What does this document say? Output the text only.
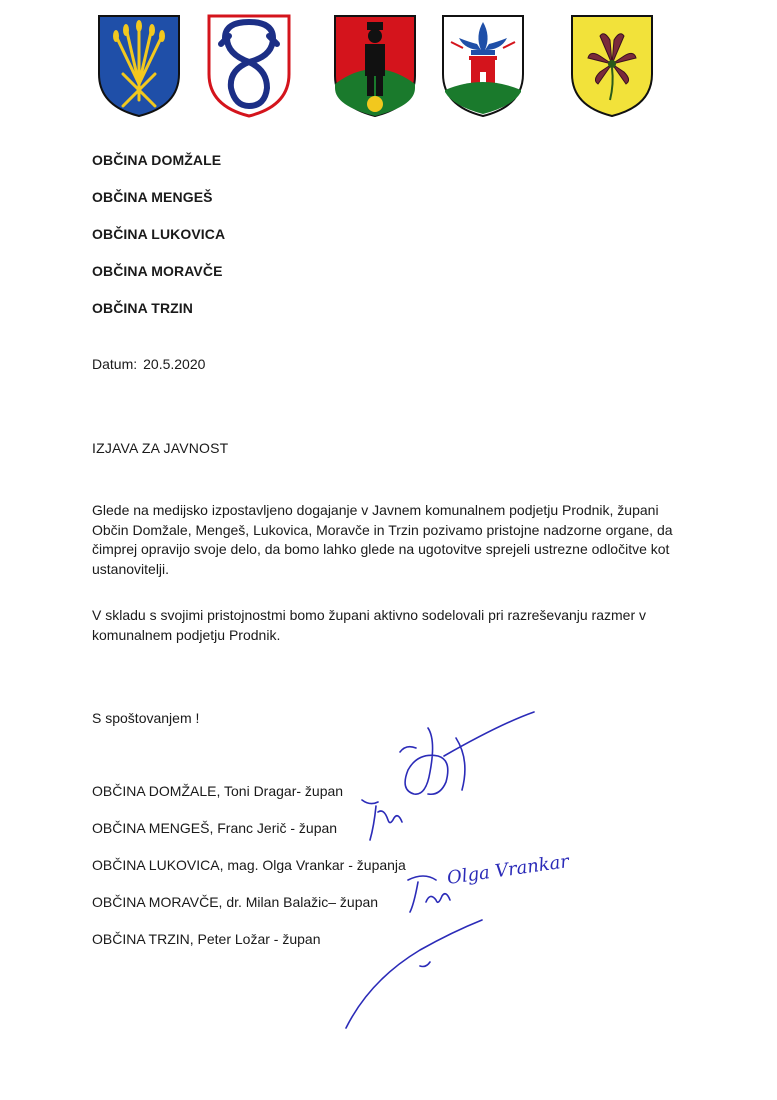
OBČINA DOMŽALE
OBČINA MENGEŠ
OBČINA LUKOVICA
OBČINA MORAVČE
OBČINA TRZIN
Datum: 20.5.2020
IZJAVA ZA JAVNOST
Glede na medijsko izpostavljeno dogajanje v Javnem komunalnem podjetju Prodnik, župani Občin Domžale, Mengeš, Lukovica, Moravče in Trzin pozivamo pristojne nadzorne organe, da čimprej opravijo svoje delo, da bomo lahko glede na ugotovitve sprejeli ustrezne odločitve kot ustanovitelji.
V skladu s svojimi pristojnostmi bomo župani aktivno sodelovali pri razreševanju razmer v komunalnem podjetju Prodnik.
S spoštovanjem !
OBČINA DOMŽALE, Toni Dragar- župan
OBČINA MENGEŠ, Franc Jerič - župan
OBČINA LUKOVICA, mag. Olga Vrankar - županja
OBČINA MORAVČE, dr. Milan Balažic– župan
OBČINA TRZIN, Peter Ložar - župan
Olga Vrankar
